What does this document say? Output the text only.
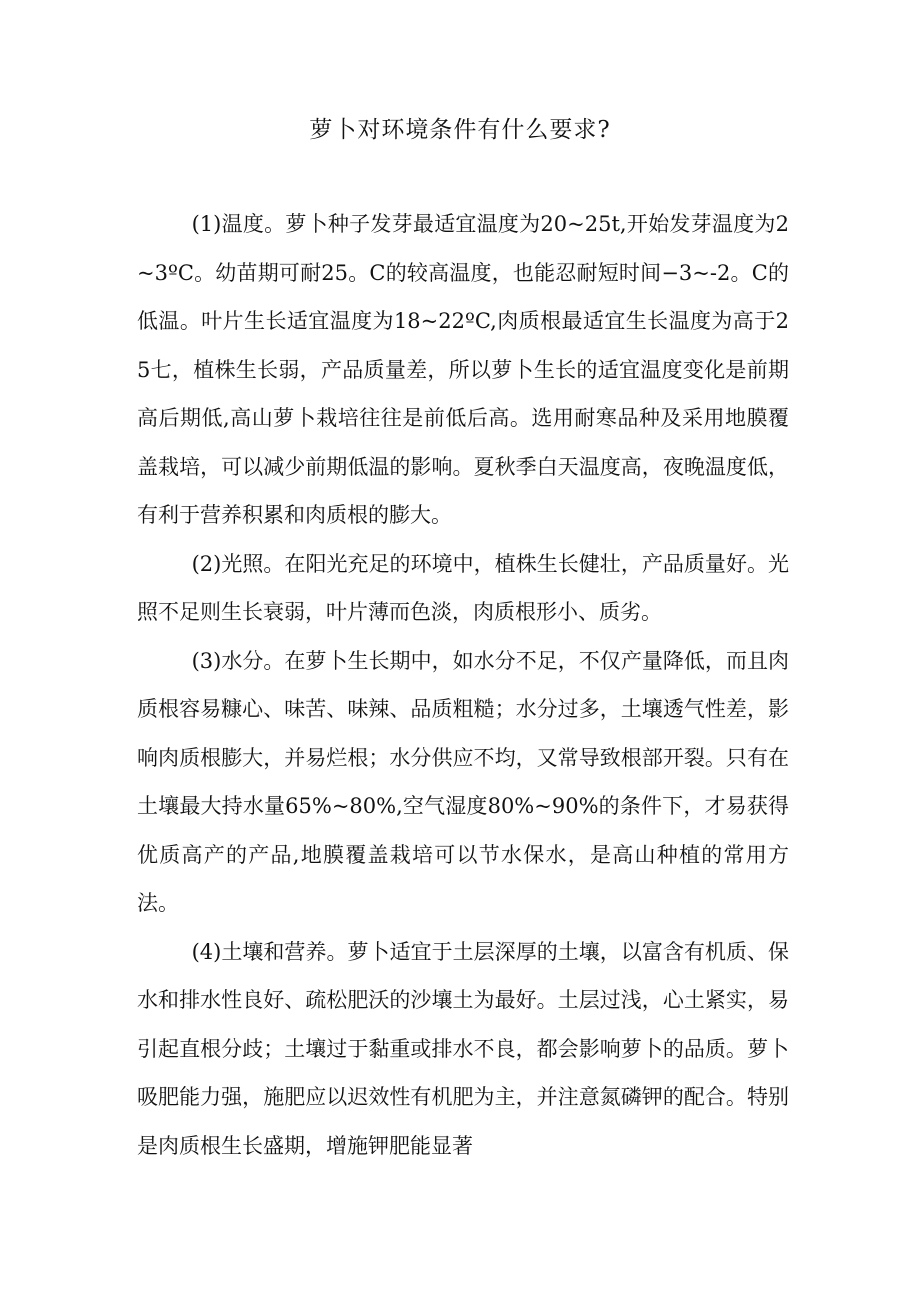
萝卜对环境条件有什么要求?

(1)温度。萝卜种子发芽最适宜温度为20~25t,开始发芽温度为2~3ºC。幼苗期可耐25。C的较高温度，也能忍耐短时间−3~-2。C的低温。叶片生长适宜温度为18~22ºC,肉质根最适宜生长温度为高于25七，植株生长弱，产品质量差，所以萝卜生长的适宜温度变化是前期高后期低,高山萝卜栽培往往是前低后高。选用耐寒品种及采用地膜覆盖栽培，可以减少前期低温的影响。夏秋季白天温度高，夜晚温度低，有利于营养积累和肉质根的膨大。

(2)光照。在阳光充足的环境中，植株生长健壮，产品质量好。光照不足则生长衰弱，叶片薄而色淡，肉质根形小、质劣。

(3)水分。在萝卜生长期中，如水分不足，不仅产量降低，而且肉质根容易糠心、味苦、味辣、品质粗糙；水分过多，土壤透气性差，影响肉质根膨大，并易烂根；水分供应不均，又常导致根部开裂。只有在土壤最大持水量65%~80%,空气湿度80%~90%的条件下，才易获得优质高产的产品,地膜覆盖栽培可以节水保水，是高山种植的常用方法。

(4)土壤和营养。萝卜适宜于土层深厚的土壤，以富含有机质、保水和排水性良好、疏松肥沃的沙壤土为最好。土层过浅，心土紧实，易引起直根分歧；土壤过于黏重或排水不良，都会影响萝卜的品质。萝卜吸肥能力强，施肥应以迟效性有机肥为主，并注意氮磷钾的配合。特别是肉质根生长盛期，增施钾肥能显著
